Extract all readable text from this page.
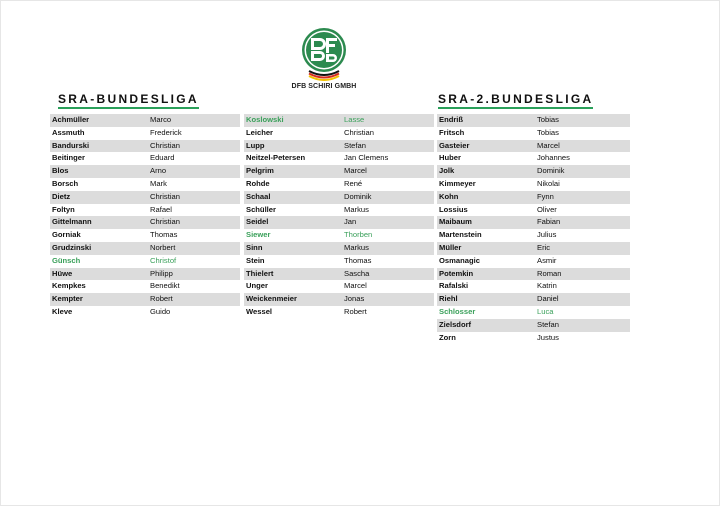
DFB SCHIRI GMBH
SRA-BUNDESLIGA	SRA-2.BUNDESLIGA
Achmüller	Marco
Assmuth	Frederick
Bandurski	Christian
Beitinger	Eduard
Blos	Arno
Borsch	Mark
Dietz	Christian
Foltyn	Rafael
Gittelmann	Christian
Gorniak	Thomas
Grudzinski	Norbert
Günsch	Christof
Hüwe	Philipp
Kempkes	Benedikt
Kempter	Robert
Kleve	Guido
Koslowski	Lasse
Leicher	Christian
Lupp	Stefan
Neitzel-Petersen	Jan Clemens
Pelgrim	Marcel
Rohde	René
Schaal	Dominik
Schüller	Markus
Seidel	Jan
Siewer	Thorben
Sinn	Markus
Stein	Thomas
Thielert	Sascha
Unger	Marcel
Weickenmeier	Jonas
Wessel	Robert
Endriß	Tobias
Fritsch	Tobias
Gasteier	Marcel
Huber	Johannes
Jolk	Dominik
Kimmeyer	Nikolai
Kohn	Fynn
Lossius	Oliver
Maibaum	Fabian
Martenstein	Julius
Müller	Eric
Osmanagic	Asmir
Potemkin	Roman
Rafalski	Katrin
Riehl	Daniel
Schlosser	Luca
Zielsdorf	Stefan
Zorn	Justus
